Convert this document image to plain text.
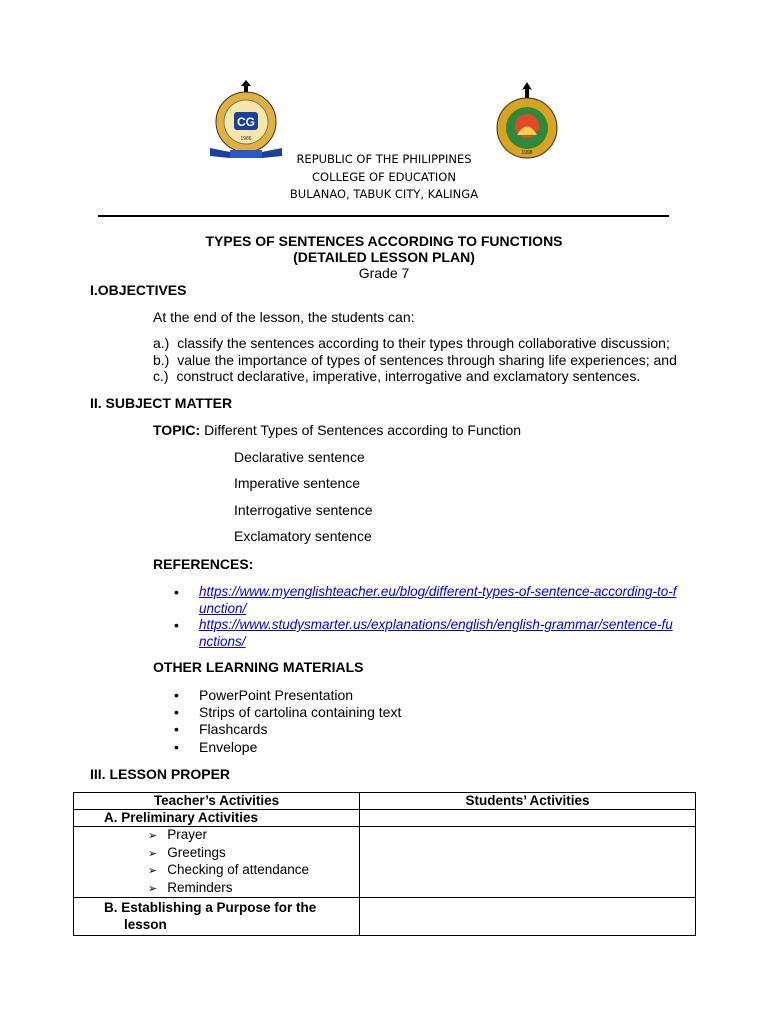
CG
1986
1998
REPUBLIC OF THE PHILIPPINES
COLLEGE OF EDUCATION
BULANAO, TABUK CITY, KALINGA
TYPES OF SENTENCES ACCORDING TO FUNCTIONS
(DETAILED LESSON PLAN)
Grade 7
I.OBJECTIVES
At the end of the lesson, the students can:
a.) classify the sentences according to their types through collaborative discussion;
b.) value the importance of types of sentences through sharing life experiences; and
c.) construct declarative, imperative, interrogative and exclamatory sentences.
II. SUBJECT MATTER
TOPIC: Different Types of Sentences according to Function
Declarative sentence
Imperative sentence
Interrogative sentence
Exclamatory sentence
REFERENCES:
• https://www.myenglishteacher.eu/blog/different-types-of-sentence-according-to-function/
• https://www.studysmarter.us/explanations/english/english-grammar/sentence-functions/
OTHER LEARNING MATERIALS
• PowerPoint Presentation
• Strips of cartolina containing text
• Flashcards
• Envelope
III. LESSON PROPER
Teacher’s Activities	Students’ Activities
A. Preliminary Activities	

➢ Prayer
➢ Greetings
➢ Checking of attendance
➢ Reminders	

B. Establishing a Purpose for the
lesson	
